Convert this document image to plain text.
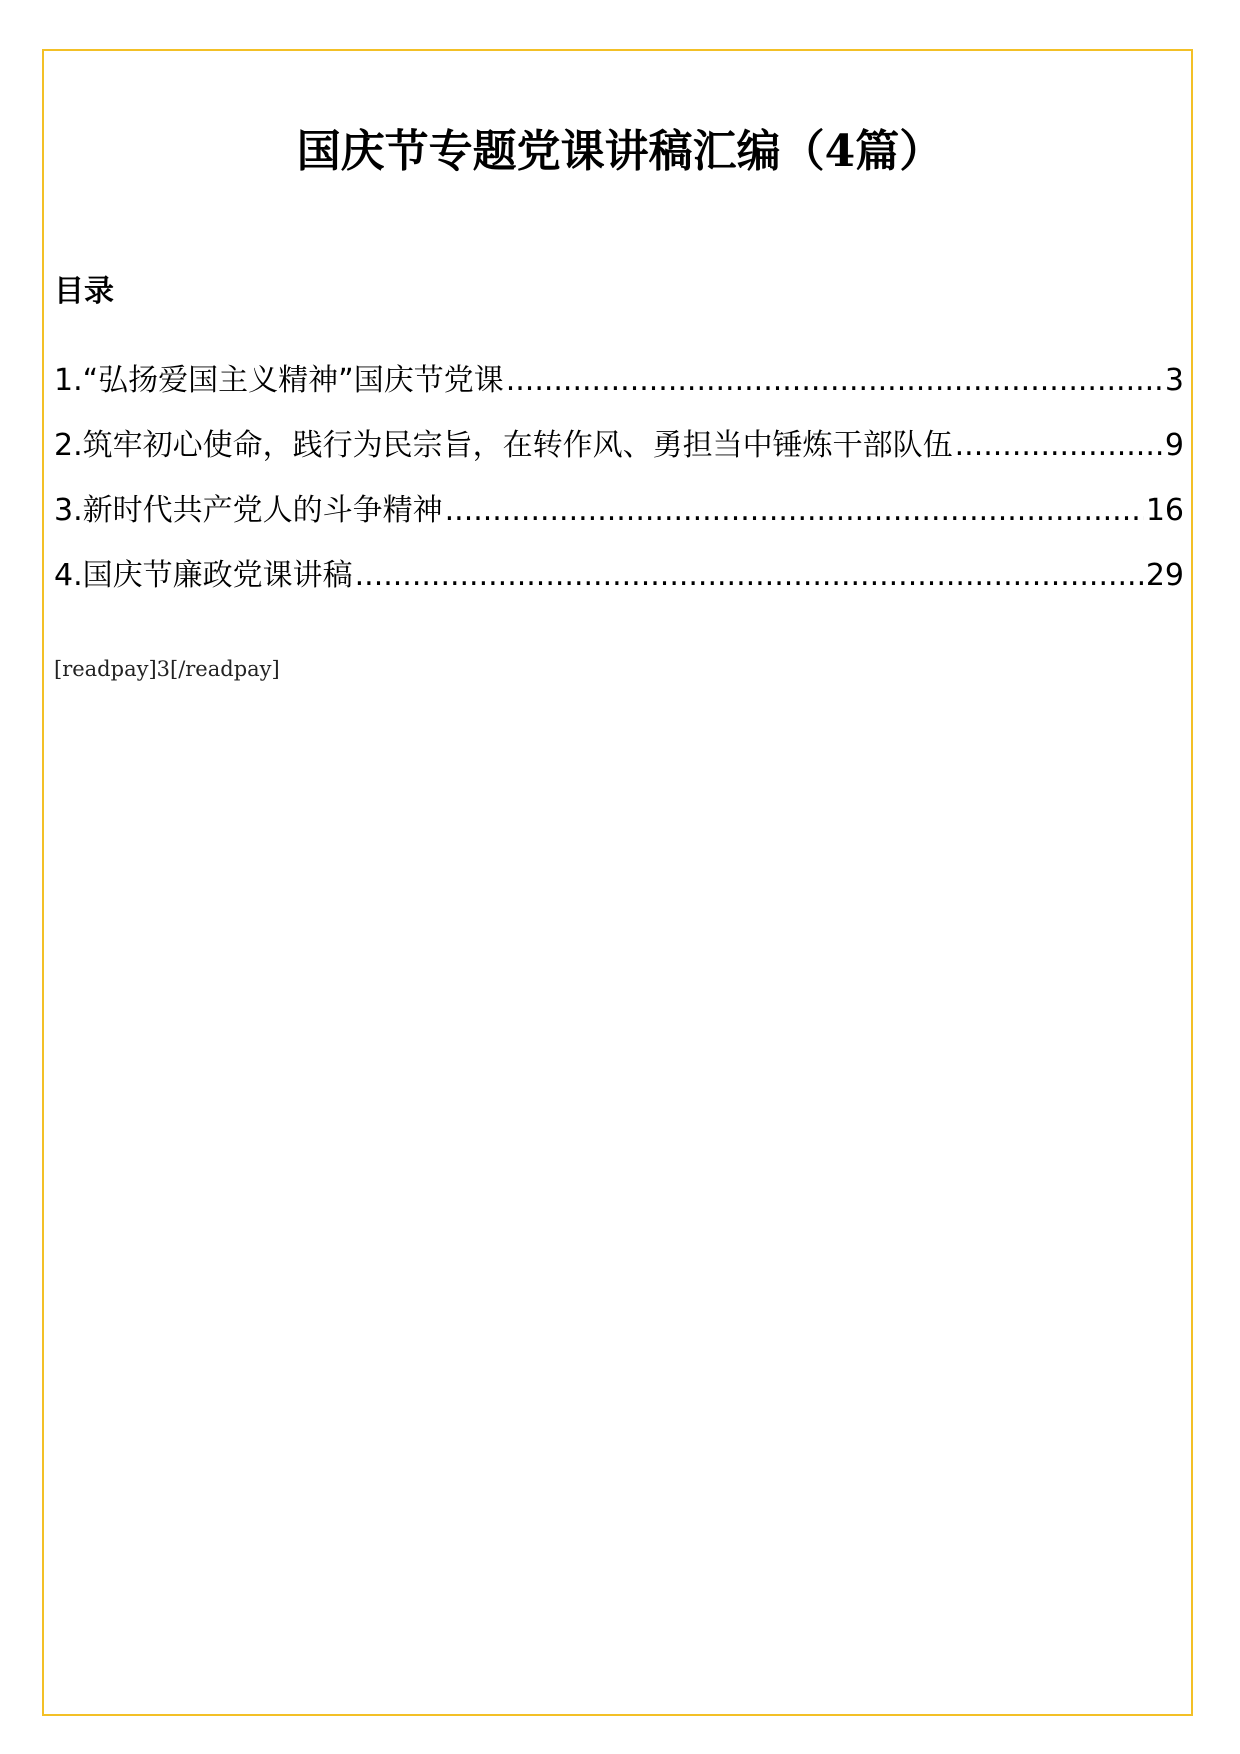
国庆节专题党课讲稿汇编（4篇）
目录
1.“弘扬爱国主义精神”国庆节党课 .....	3
2.筑牢初心使命，践行为民宗旨，在转作风、勇担当中锤炼干部队伍 .....	9
3.新时代共产党人的斗争精神 .....	16
4.国庆节廉政党课讲稿 .....	29

[readpay]3[/readpay]
